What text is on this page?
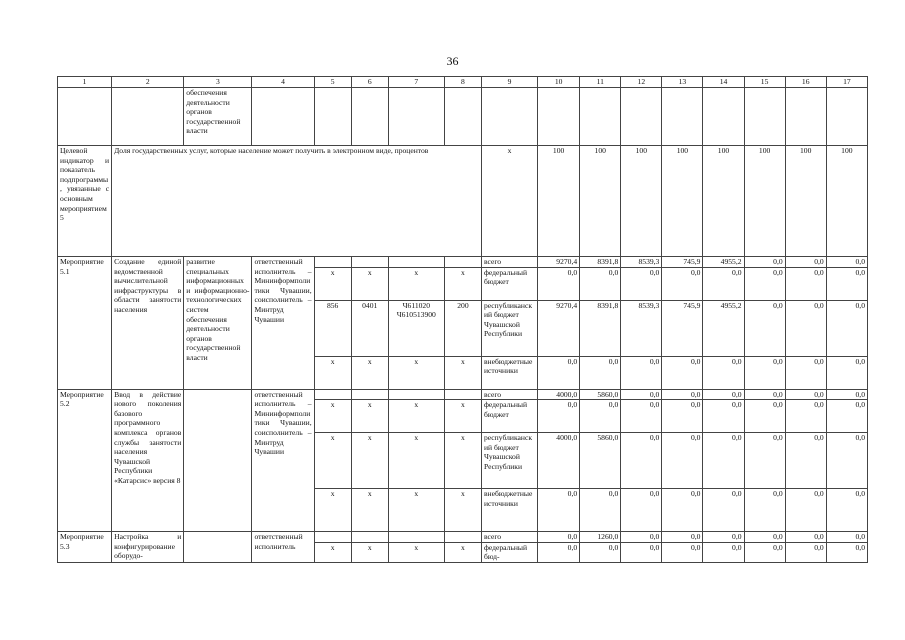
36
1	2	3	4	5	6	7	8	9	10	11	12	13	14	15	16	17
		обеспечения деятельности органов государственной власти														
Целевой индикатор и показатель подпрограммы, увязанные с основным мероприятием 5	Доля государственных услуг, которые население может получить в электронном виде, процентов							х	100	100	100	100	100	100	100	100
Мероприятие 5.1	Создание единой ведомственной вычислительной инфраструктуры в области занятости населения	развитие специальных информационных и информационно-технологических систем обеспечения деятельности органов государственной власти	ответственный исполнитель – Мининформполитики Чувашии, соисполнитель – Минтруд Чувашии					всего	9270,4	8391,8	8539,3	745,9	4955,2	0,0	0,0	0,0
				х	х	х	х	федеральный бюджет	0,0	0,0	0,0	0,0	0,0	0,0	0,0	0,0
				856	0401	Ч611020 Ч610513900	200	республиканский бюджет Чувашской Республики	9270,4	8391,8	8539,3	745,9	4955,2	0,0	0,0	0,0
				х	х	х	х	внебюджетные источники	0,0	0,0	0,0	0,0	0,0	0,0	0,0	0,0
Мероприятие 5.2	Ввод в действие нового поколения базового программного комплекса органов службы занятости населения Чувашской Республики «Катарсис» версия 8		ответственный исполнитель – Мининформполитики Чувашии, соисполнитель – Минтруд Чувашии					всего	4000,0	5860,0	0,0	0,0	0,0	0,0	0,0	0,0
				х	х	х	х	федеральный бюджет	0,0	0,0	0,0	0,0	0,0	0,0	0,0	0,0
				х	х	х	х	республиканский бюджет Чувашской Республики	4000,0	5860,0	0,0	0,0	0,0	0,0	0,0	0,0
				х	х	х	х	внебюджетные источники	0,0	0,0	0,0	0,0	0,0	0,0	0,0	0,0
Мероприятие 5.3	Настройка и конфигурирование оборудо-		ответственный исполнитель					всего	0,0	1260,0	0,0	0,0	0,0	0,0	0,0	0,0
				х	х	х	х	федеральный бюд-	0,0	0,0	0,0	0,0	0,0	0,0	0,0	0,0
